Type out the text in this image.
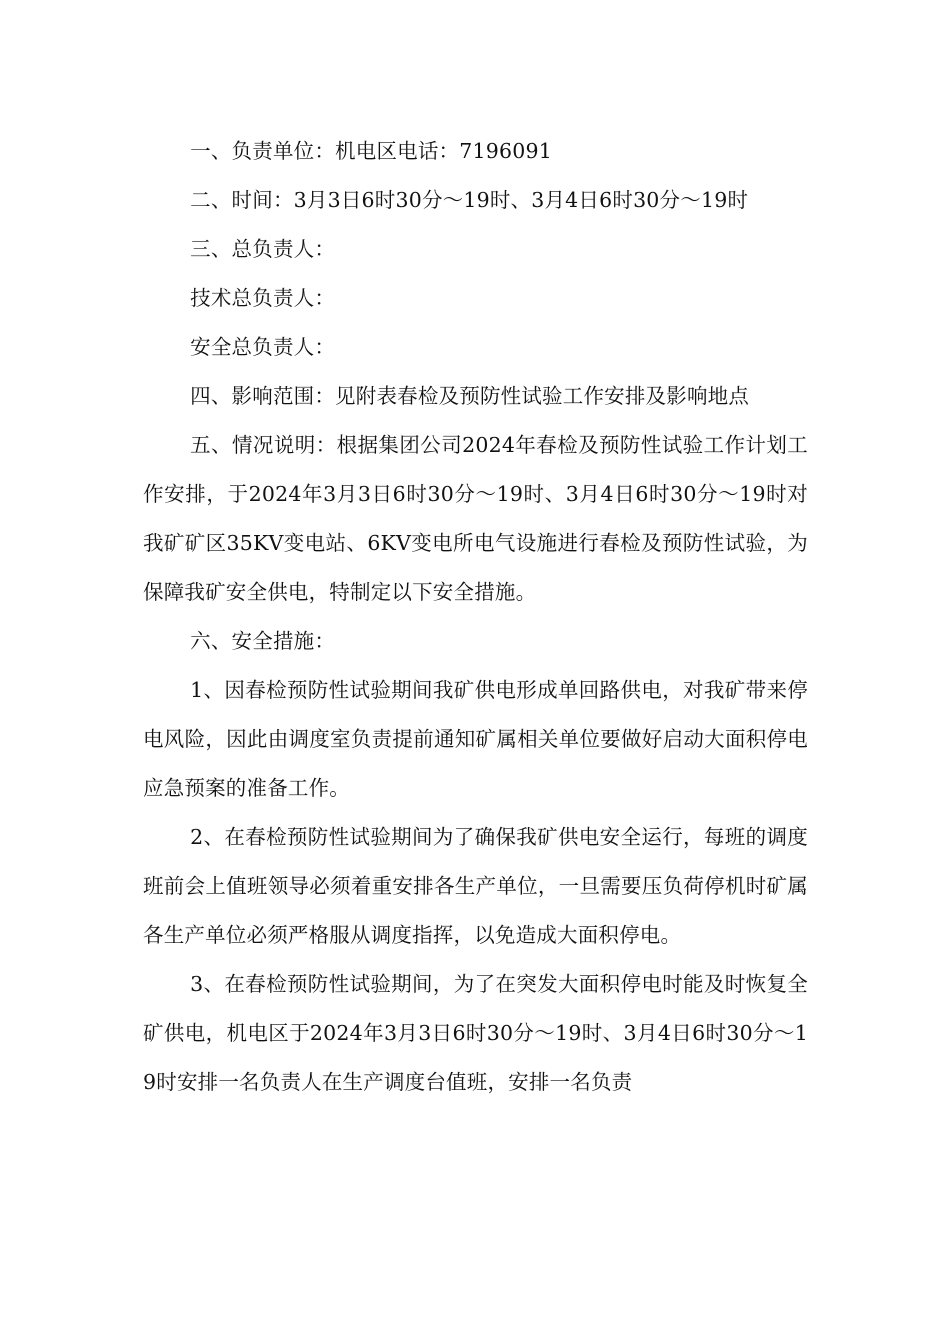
一、负责单位：机电区电话：7196091

二、时间：3月3日6时30分～19时、3月4日6时30分～19时

三、总负责人：

技术总负责人：

安全总负责人：

四、影响范围：见附表春检及预防性试验工作安排及影响地点

五、情况说明：根据集团公司2024年春检及预防性试验工作计划工作安排，于2024年3月3日6时30分～19时、3月4日6时30分～19时对我矿矿区35KV变电站、6KV变电所电气设施进行春检及预防性试验，为保障我矿安全供电，特制定以下安全措施。

六、安全措施：

1、因春检预防性试验期间我矿供电形成单回路供电，对我矿带来停电风险，因此由调度室负责提前通知矿属相关单位要做好启动大面积停电应急预案的准备工作。

2、在春检预防性试验期间为了确保我矿供电安全运行，每班的调度班前会上值班领导必须着重安排各生产单位，一旦需要压负荷停机时矿属各生产单位必须严格服从调度指挥，以免造成大面积停电。

3、在春检预防性试验期间，为了在突发大面积停电时能及时恢复全矿供电，机电区于2024年3月3日6时30分～19时、3月4日6时30分～19时安排一名负责人在生产调度台值班，安排一名负责
